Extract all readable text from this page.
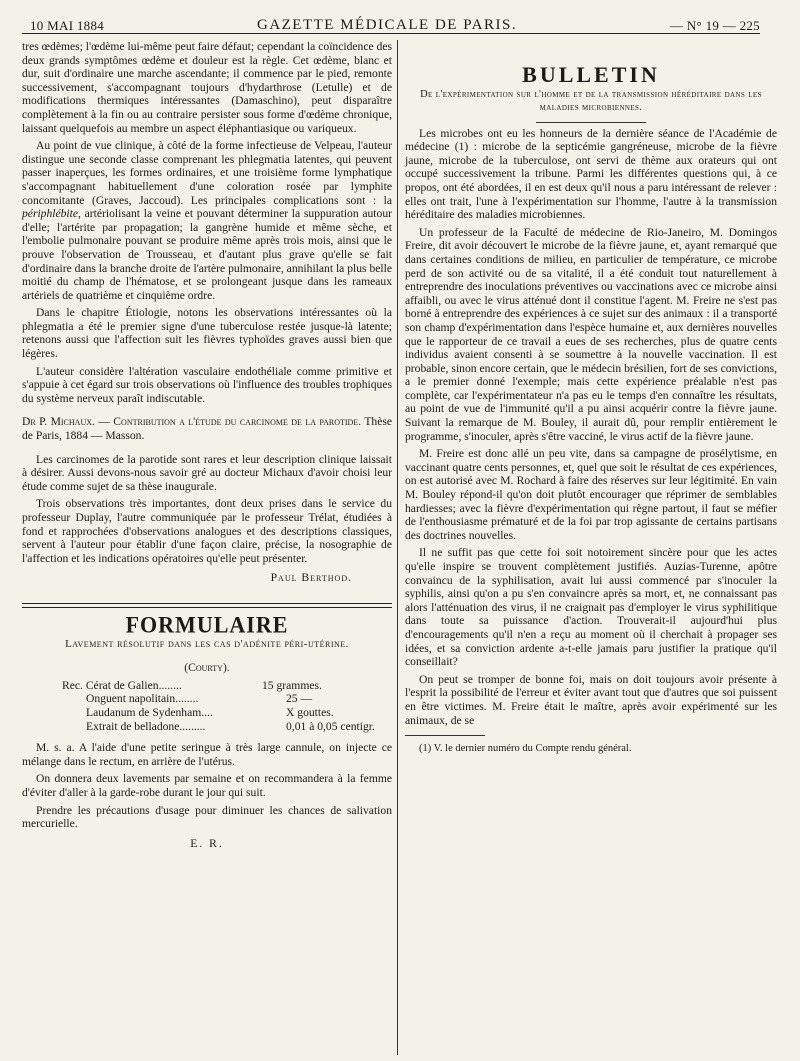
10 MAI 1884	GAZETTE MÉDICALE DE PARIS.	— N° 19 — 225

tres œdèmes; l'œdème lui-même peut faire défaut; cependant la coïncidence des deux grands symptômes œdème et douleur est la règle. Cet œdème, blanc et dur, suit d'ordinaire une marche ascendante; il commence par le pied, remonte successivement, s'accompagnant toujours d'hydarthrose (Letulle) et de modifications thermiques intéressantes (Damaschino), peut disparaître complètement à la fin ou au contraire persister sous forme d'œdème chronique, laissant quelquefois au membre un aspect éléphantiasique ou variqueux.

Au point de vue clinique, à côté de la forme infectieuse de Velpeau, l'auteur distingue une seconde classe comprenant les phlegmatia latentes, qui peuvent passer inaperçues, les formes ordinaires, et une troisième forme lymphatique s'accompagnant habituellement d'une coloration rosée par lymphite concomitante (Graves, Jaccoud). Les principales complications sont : la périphlébite, artériolisant la veine et pouvant déterminer la suppuration autour d'elle; l'artérite par propagation; la gangrène humide et même sèche, et l'embolie pulmonaire pouvant se produire même après trois mois, ainsi que le prouve l'observation de Trousseau, et d'autant plus grave qu'elle se fait d'ordinaire dans la branche droite de l'artère pulmonaire, annihilant la plus belle moitié du champ de l'hématose, et se prolongeant jusque dans les rameaux artériels de quatrième et cinquième ordre.

Dans le chapitre Étiologie, notons les observations intéressantes où la phlegmatia a été le premier signe d'une tuberculose restée jusque-là latente; retenons aussi que l'affection suit les fièvres typhoïdes graves aussi bien que légères.

L'auteur considère l'altération vasculaire endothéliale comme primitive et s'appuie à cet égard sur trois observations où l'influence des troubles trophiques du système nerveux paraît indiscutable.

Dr P. Michaux. — Contribution a l'étude du carcinome de la parotide. Thèse de Paris, 1884 — Masson.

Les carcinomes de la parotide sont rares et leur description clinique laissait à désirer. Aussi devons-nous savoir gré au docteur Michaux d'avoir choisi leur étude comme sujet de sa thèse inaugurale.

Trois observations très importantes, dont deux prises dans le service du professeur Duplay, l'autre communiquée par le professeur Trélat, étudiées à fond et rapprochées d'observations analogues et des descriptions classiques, servent à l'auteur pour établir d'une façon claire, précise, la nosographie de l'affection et les indications opératoires qu'elle peut présenter.

Paul Berthod.
FORMULAIRE
Lavement résolutif dans les cas d'adénite péri-utérine.
(Courty).
Rec. Cérat de Galien........	15 grammes.
Onguent napolitain........	25 —
Laudanum de Sydenham....	X gouttes.
Extrait de belladone.........	0,01 à 0,05 centigr.

M. s. a. A l'aide d'une petite seringue à très large cannule, on injecte ce mélange dans le rectum, en arrière de l'utérus.

On donnera deux lavements par semaine et on recommandera à la femme d'éviter d'aller à la garde-robe durant le jour qui suit.

Prendre les précautions d'usage pour diminuer les chances de salivation mercurielle.

E. R.
BULLETIN
De l'expérimentation sur l'homme et de la transmission héréditaire dans les maladies microbiennes.

Les microbes ont eu les honneurs de la dernière séance de l'Académie de médecine (1) : microbe de la septicémie gangréneuse, microbe de la fièvre jaune, microbe de la tuberculose, ont servi de thème aux orateurs qui ont occupé successivement la tribune. Parmi les différentes questions qui, à ce propos, ont été abordées, il en est deux qu'il nous a paru intéressant de relever : elles ont trait, l'une à l'expérimentation sur l'homme, l'autre à la transmission héréditaire des maladies microbiennes.

Un professeur de la Faculté de médecine de Rio-Janeiro, M. Domingos Freire, dit avoir découvert le microbe de la fièvre jaune, et, ayant remarqué que dans certaines conditions de milieu, en particulier de température, ce microbe perd de son activité ou de sa vitalité, il a été conduit tout naturellement à entreprendre des inoculations préventives ou vaccinations avec ce microbe ainsi affaibli, ou avec le virus atténué dont il constitue l'agent. M. Freire ne s'est pas borné à entreprendre des expériences à ce sujet sur des animaux : il a transporté son champ d'expérimentation dans l'espèce humaine et, aux dernières nouvelles que le rapporteur de ce travail a eues de ses recherches, plus de quatre cents individus avaient consenti à se soumettre à la nouvelle vaccination. Il est probable, sinon encore certain, que le médecin brésilien, fort de ses convictions, a le premier donné l'exemple; mais cette expérience préalable n'est pas complète, car l'expérimentateur n'a pas eu le temps d'en connaître les résultats, au point de vue de l'immunité qu'il a pu ainsi acquérir contre la fièvre jaune. Suivant la remarque de M. Bouley, il aurait dû, pour remplir entièrement le programme, s'inoculer, après s'être vacciné, le virus actif de la fièvre jaune.

M. Freire est donc allé un peu vite, dans sa campagne de prosélytisme, en vaccinant quatre cents personnes, et, quel que soit le résultat de ces expériences, on est autorisé avec M. Rochard à faire des réserves sur leur légitimité. En vain M. Bouley répond-il qu'on doit plutôt encourager que réprimer de semblables hardiesses; avec la fièvre d'expérimentation qui règne partout, il faut se méfier de l'enthousiasme prématuré et de la foi par trop agissante de certains partisans des doctrines nouvelles.

Il ne suffit pas que cette foi soit notoirement sincère pour que les actes qu'elle inspire se trouvent complètement justifiés. Auzias-Turenne, apôtre convaincu de la syphilisation, avait lui aussi commencé par s'inoculer la syphilis, ainsi qu'on a pu s'en convaincre après sa mort, et, ne connaissant pas alors l'atténuation des virus, il ne craignait pas d'employer le virus syphilitique dans toute sa puissance d'action. Trouverait-il aujourd'hui plus d'encouragements qu'il n'en a reçu au moment où il cherchait à propager ses idées, et sa conviction ardente a-t-elle jamais paru justifier la pratique qu'il conseillait?

On peut se tromper de bonne foi, mais on doit toujours avoir présente à l'esprit la possibilité de l'erreur et éviter avant tout que d'autres que soi puissent en être victimes. M. Freire était le maître, après avoir expérimenté sur les animaux, de se

(1) V. le dernier numéro du Compte rendu général.
